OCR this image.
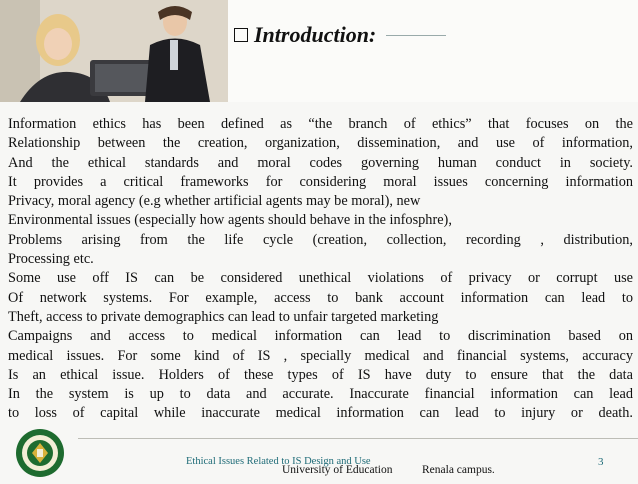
Introduction:
Information ethics has been defined as “the branch of ethics” that focuses on the
Relationship between the creation, organization, dissemination, and use of information,
And the ethical standards and moral codes governing human conduct in society.
It provides a critical frameworks for considering moral issues concerning information
Privacy, moral agency (e.g whether artificial agents may be moral), new
Environmental issues (especially how agents should behave in the infosphre),
Problems arising from the life cycle (creation, collection, recording , distribution,
Processing etc.
Some use off IS can be considered unethical violations of privacy or corrupt use
Of network systems. For example, access to bank account information can lead to
Theft, access to private demographics can lead to unfair targeted marketing
Campaigns and access to medical information can lead to discrimination based on
medical issues. For some kind of IS , specially medical and financial systems, accuracy
Is an ethical issue. Holders of these types of IS have duty to ensure that the data
In the system is up to data and accurate. Inaccurate financial information can lead
to loss of capital while inaccurate medical information can lead to injury or death.
Ethical Issues Related to IS Design and Use
University of Education	Renala campus.
3
